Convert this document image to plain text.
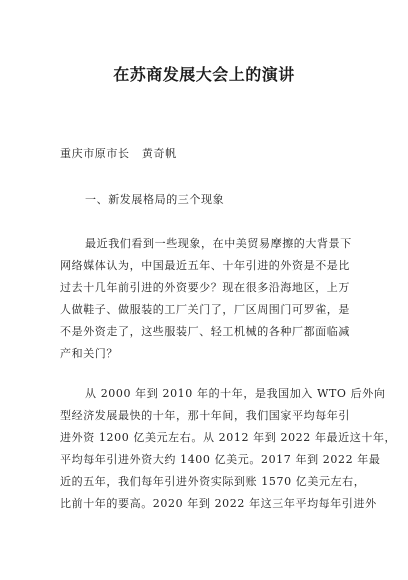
在苏商发展大会上的演讲
重庆市原市长   黄奇帆
一、新发展格局的三个现象
最近我们看到一些现象，在中美贸易摩擦的大背景下
网络媒体认为，中国最近五年、十年引进的外资是不是比
过去十几年前引进的外资要少？现在很多沿海地区，上万
人做鞋子、做服装的工厂关门了，厂区周围门可罗雀，是
不是外资走了，这些服装厂、轻工机械的各种厂都面临减
产和关门？
从 2000 年到 2010 年的十年，是我国加入 WTO 后外向
型经济发展最快的十年，那十年间，我们国家平均每年引
进外资 1200 亿美元左右。从 2012 年到 2022 年最近这十年，
平均每年引进外资大约 1400 亿美元。2017 年到 2022 年最
近的五年，我们每年引进外资实际到账 1570 亿美元左右，
比前十年的要高。2020 年到 2022 年这三年平均每年引进外
